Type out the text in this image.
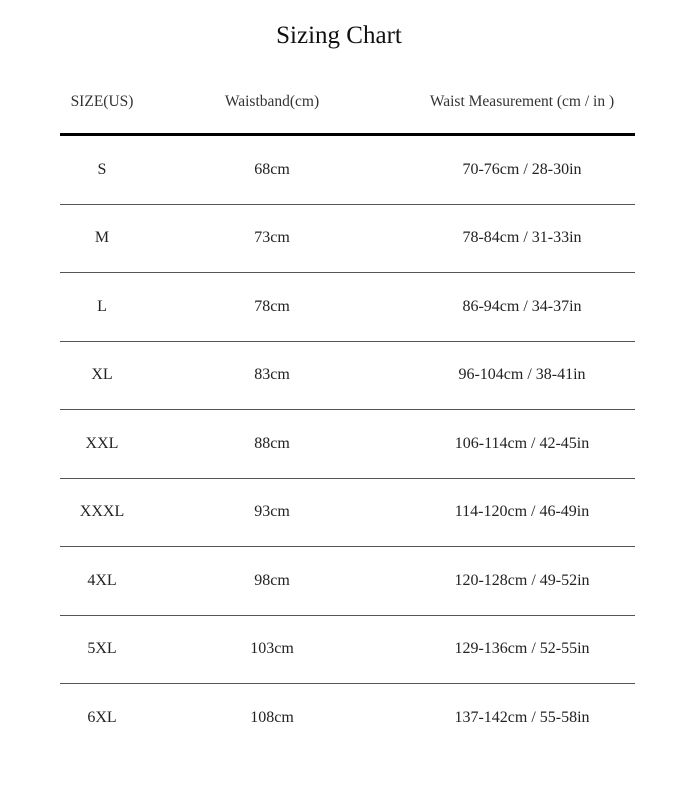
Sizing Chart
SIZE(US)	Waistband(cm)	Waist Measurement (cm / in )
S	68cm	70-76cm / 28-30in
M	73cm	78-84cm / 31-33in
L	78cm	86-94cm / 34-37in
XL	83cm	96-104cm / 38-41in
XXL	88cm	106-114cm / 42-45in
XXXL	93cm	114-120cm / 46-49in
4XL	98cm	120-128cm / 49-52in
5XL	103cm	129-136cm / 52-55in
6XL	108cm	137-142cm / 55-58in
